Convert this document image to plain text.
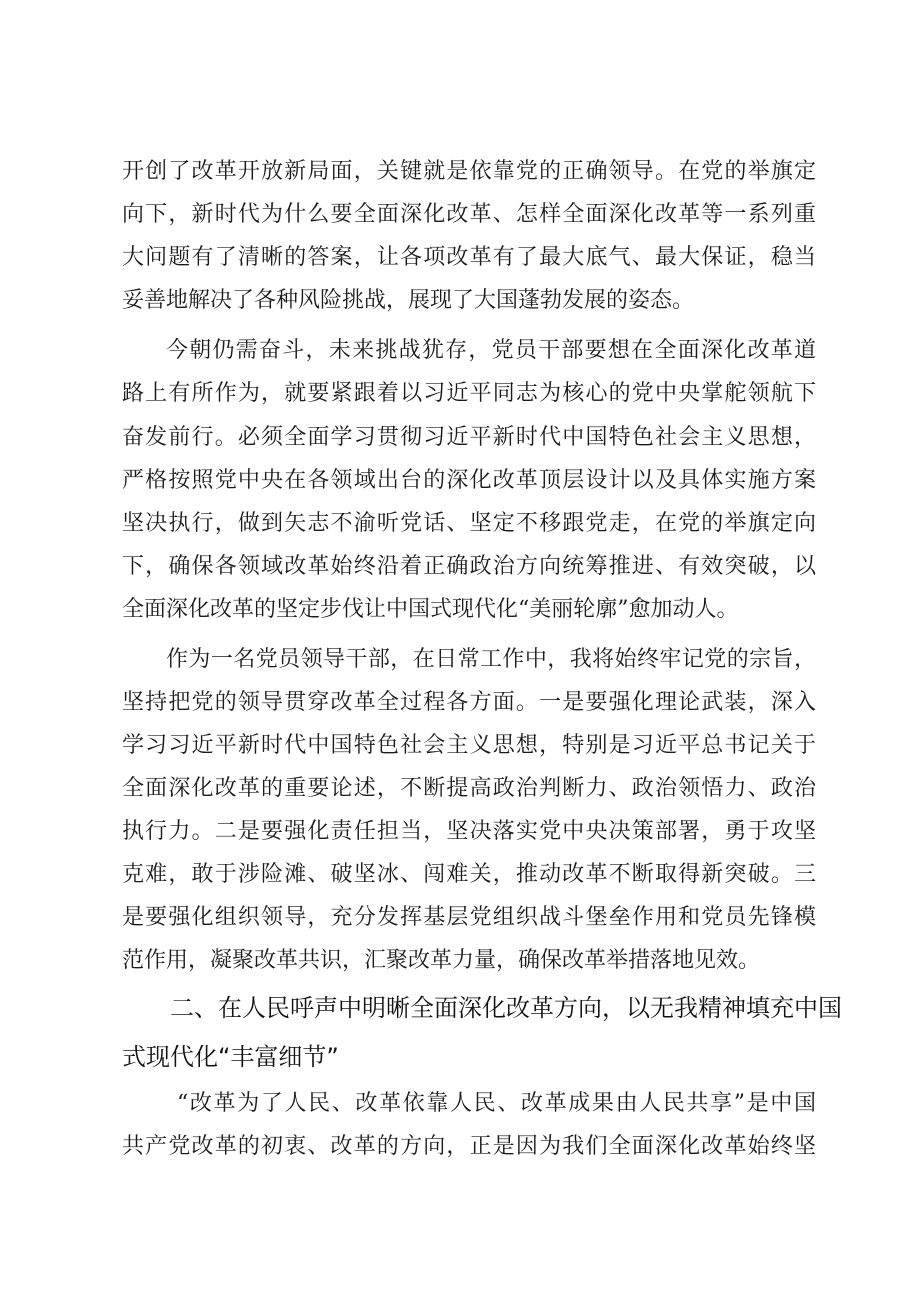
开创了改革开放新局面，关键就是依靠党的正确领导。在党的举旗定
向下，新时代为什么要全面深化改革、怎样全面深化改革等一系列重
大问题有了清晰的答案，让各项改革有了最大底气、最大保证，稳当
妥善地解决了各种风险挑战，展现了大国蓬勃发展的姿态。
今朝仍需奋斗，未来挑战犹存，党员干部要想在全面深化改革道
路上有所作为，就要紧跟着以习近平同志为核心的党中央掌舵领航下
奋发前行。必须全面学习贯彻习近平新时代中国特色社会主义思想，
严格按照党中央在各领域出台的深化改革顶层设计以及具体实施方案
坚决执行，做到矢志不渝听党话、坚定不移跟党走，在党的举旗定向
下，确保各领域改革始终沿着正确政治方向统筹推进、有效突破，以
全面深化改革的坚定步伐让中国式现代化“美丽轮廓”愈加动人。
作为一名党员领导干部，在日常工作中，我将始终牢记党的宗旨，
坚持把党的领导贯穿改革全过程各方面。一是要强化理论武装，深入
学习习近平新时代中国特色社会主义思想，特别是习近平总书记关于
全面深化改革的重要论述，不断提高政治判断力、政治领悟力、政治
执行力。二是要强化责任担当，坚决落实党中央决策部署，勇于攻坚
克难，敢于涉险滩、破坚冰、闯难关，推动改革不断取得新突破。三
是要强化组织领导，充分发挥基层党组织战斗堡垒作用和党员先锋模
范作用，凝聚改革共识，汇聚改革力量，确保改革举措落地见效。
二、在人民呼声中明晰全面深化改革方向，以无我精神填充中国
式现代化“丰富细节”
“改革为了人民、改革依靠人民、改革成果由人民共享”是中国
共产党改革的初衷、改革的方向，正是因为我们全面深化改革始终坚
